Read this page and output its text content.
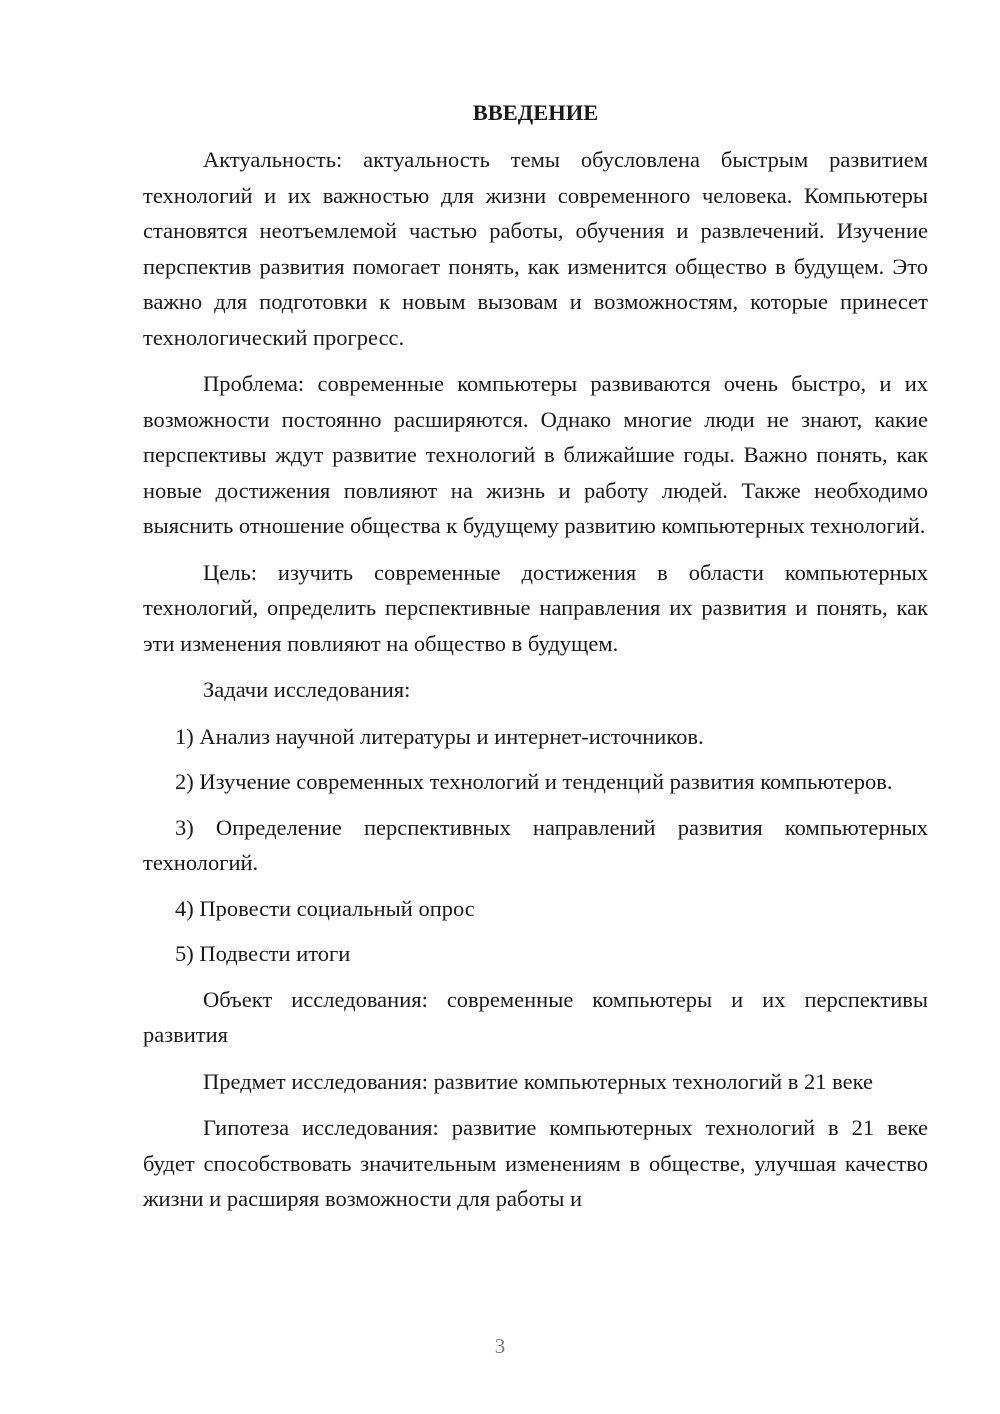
ВВЕДЕНИЕ

Актуальность: актуальность темы обусловлена быстрым развитием технологий и их важностью для жизни современного человека. Компьютеры становятся неотъемлемой частью работы, обучения и развлечений. Изучение перспектив развития помогает понять, как изменится общество в будущем. Это важно для подготовки к новым вызовам и возможностям, которые принесет технологический прогресс.

Проблема: современные компьютеры развиваются очень быстро, и их возможности постоянно расширяются. Однако многие люди не знают, какие перспективы ждут развитие технологий в ближайшие годы. Важно понять, как новые достижения повлияют на жизнь и работу людей. Также необходимо выяснить отношение общества к будущему развитию компьютерных технологий.

Цель: изучить современные достижения в области компьютерных технологий, определить перспективные направления их развития и понять, как эти изменения повлияют на общество в будущем.

Задачи исследования:

1) Анализ научной литературы и интернет-источников.

2) Изучение современных технологий и тенденций развития компьютеров.

3) Определение перспективных направлений развития компьютерных технологий.

4) Провести социальный опрос

5) Подвести итоги

Объект исследования: современные компьютеры и их перспективы развития

Предмет исследования: развитие компьютерных технологий в 21 веке

Гипотеза исследования: развитие компьютерных технологий в 21 веке будет способствовать значительным изменениям в обществе, улучшая качество жизни и расширяя возможности для работы и

3
